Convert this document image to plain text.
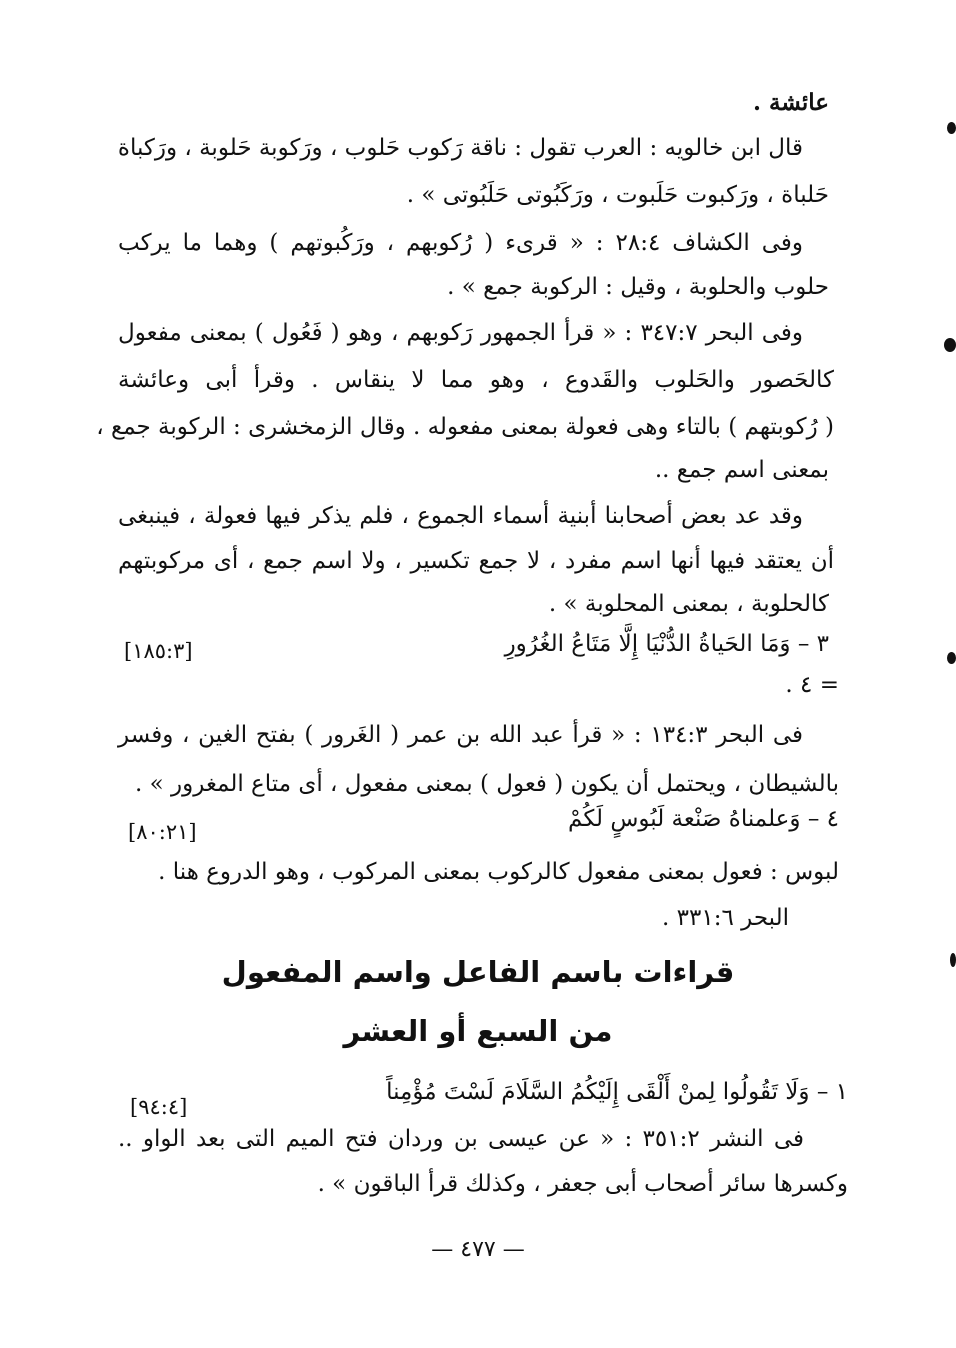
عائشة .
قال ابن خالويه : العرب تقول : ناقة رَكوب حَلوب ، ورَكوبة حَلوبة ، ورَكباة
حَلباة ، ورَكبوت حَلَبوت ، ورَكَبُوتى حَلَبُوتى » .
وفى الكشاف ٢٨:٤ : « قرىء ( رُكوبهم ، ورَكُبوتهم ) وهما ما يركب
حلوب والحلوبة ، وقيل : الركوبة جمع » .
وفى البحر ٣٤٧:٧ : « قرأ الجمهور رَكوبهم ، وهو ( فَعُول ) بمعنى مفعول
كالحَصور والحَلوب والقَدوع ، وهو مما لا ينقاس . وقرأ أبى وعائشة
( رُكوبتهم ) بالتاء وهى فعولة بمعنى مفعوله . وقال الزمخشرى : الركوبة جمع ،
بمعنى اسم جمع ..
وقد عد بعض أصحابنا أبنية أسماء الجموع ، فلم يذكر فيها فعولة ، فينبغى
أن يعتقد فيها أنها اسم مفرد ، لا جمع تكسير ، ولا اسم جمع ، أى مركوبتهم
كالحلوبة ، بمعنى المحلوبة » .
٣ – وَمَا الحَياةُ الدُّنْيَا إِلَّا مَتَاعُ الغُرُورِ
[١٨٥:٣]
= ٤ .
فى البحر ١٣٤:٣ : « قرأ عبد الله بن عمر ( الغَرور ) بفتح الغين ، وفسر
بالشيطان ، ويحتمل أن يكون ( فعول ) بمعنى مفعول ، أى متاع المغرور » .
٤ – وَعلمناهُ صَنْعة لَبُوسٍ لَكُمْ
[٨٠:٢١]
لبوس : فعول بمعنى مفعول كالركوب بمعنى المركوب ، وهو الدروع هنا .
البحر ٣٣١:٦ .
قراءات باسم الفاعل واسم المفعول
من السبع أو العشر
١ – وَلَا تَقُولُوا لِمنْ أَلْقَى إِلَيْكُمُ السَّلَامَ لَسْتَ مُؤْمِناً
[٩٤:٤]
فى النشر ٣٥١:٢ : « عن عيسى بن وردان فتح الميم التى بعد الواو ..
وكسرها سائر أصحاب أبى جعفر ، وكذلك قرأ الباقون » .
— ٤٧٧ —
